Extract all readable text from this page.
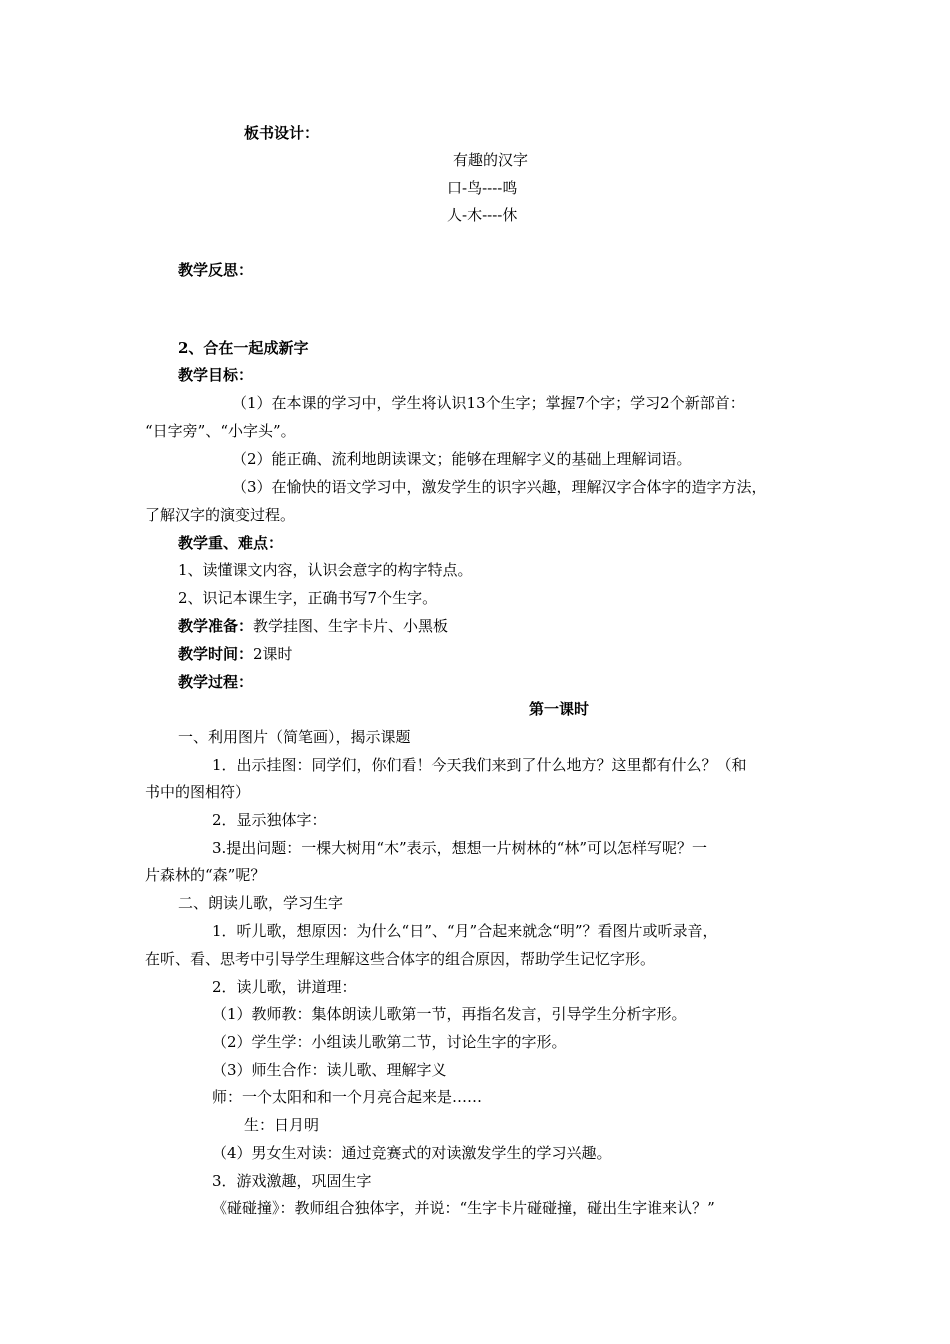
板书设计：
有趣的汉字
口-鸟----鸣
人-木----休
教学反思：
2、合在一起成新字
教学目标：
（1）在本课的学习中，学生将认识13个生字；掌握7个字；学习2个新部首：
“日字旁”、“小字头”。
（2）能正确、流利地朗读课文；能够在理解字义的基础上理解词语。
（3）在愉快的语文学习中，激发学生的识字兴趣，理解汉字合体字的造字方法，
了解汉字的演变过程。
教学重、难点：
1、读懂课文内容，认识会意字的构字特点。
2、识记本课生字，正确书写7个生字。
教学准备：教学挂图、生字卡片、小黑板
教学时间：2课时
教学过程：
第一课时
一、利用图片（简笔画），揭示课题
1．出示挂图：同学们，你们看！今天我们来到了什么地方？这里都有什么？（和
书中的图相符）
2．显示独体字：
3.提出问题：一棵大树用“木”表示，想想一片树林的“林”可以怎样写呢？一
片森林的“森”呢？
二、朗读儿歌，学习生字
1．听儿歌，想原因：为什么“日”、“月”合起来就念“明”？看图片或听录音，
在听、看、思考中引导学生理解这些合体字的组合原因，帮助学生记忆字形。
2．读儿歌，讲道理：
（1）教师教：集体朗读儿歌第一节，再指名发言，引导学生分析字形。
（2）学生学：小组读儿歌第二节，讨论生字的字形。
（3）师生合作：读儿歌、理解字义
师：一个太阳和和一个月亮合起来是……
生：日月明
（4）男女生对读：通过竞赛式的对读激发学生的学习兴趣。
3．游戏激趣，巩固生字
《碰碰撞》：教师组合独体字，并说：“生字卡片碰碰撞，碰出生字谁来认？”
